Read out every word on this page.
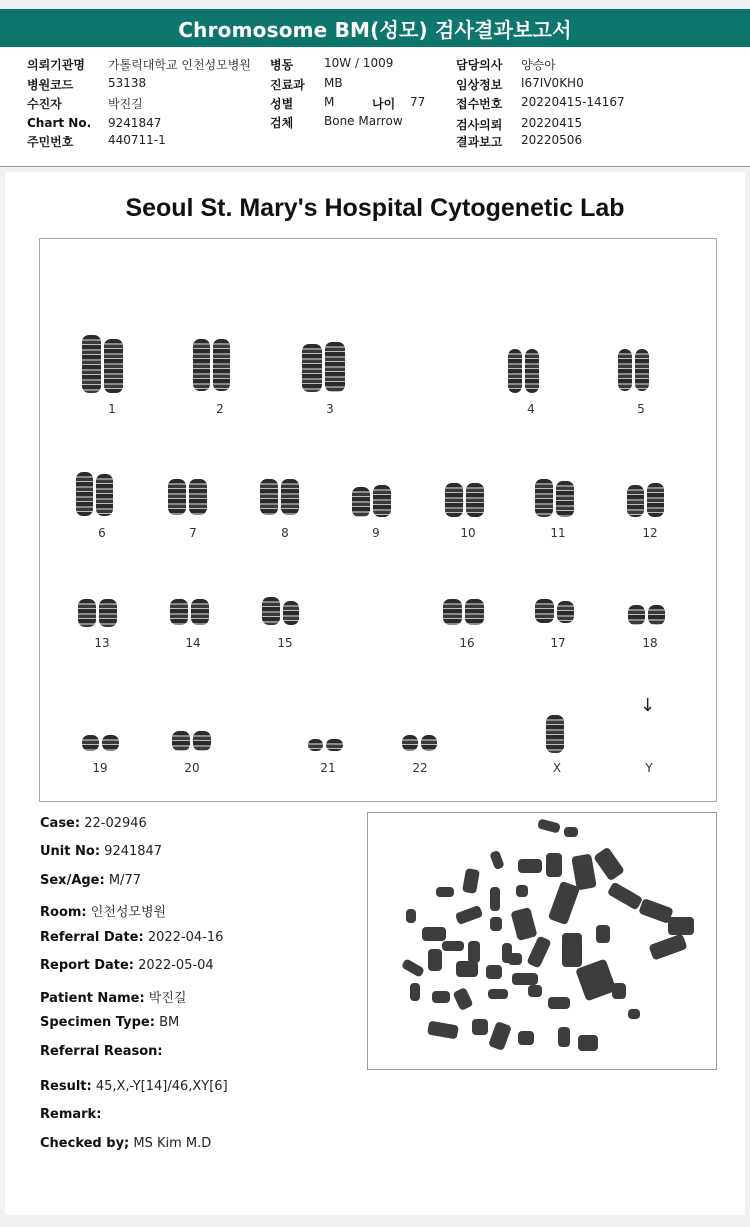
Chromosome BM(성모) 검사결과보고서
의뢰기관명 가톨릭대학교 인천성모병원
병원코드	53138
수진자	박진길
Chart No. 9241847
주민번호	440711-1
병동	10W / 1009
진료과 MB
성별	M	나이 77
검체	Bone Marrow
담당의사 양승아
임상정보 I67IV0KH0
접수번호 20220415-14167
검사의뢰 20220415
결과보고 20220506
Seoul St. Mary's Hospital Cytogenetic Lab
1	2	3	4	5
6	7	8	9	10	11	12
13	14	15	16	17	18
↓
19	20	21	22	X	Y
Case: 22-02946
Unit No: 9241847
Sex/Age: M/77
Room: 인천성모병원
Referral Date: 2022-04-16
Report Date: 2022-05-04
Patient Name: 박진길
Specimen Type: BM
Referral Reason:
Result: 45,X,-Y[14]/46,XY[6]
Remark:
Checked by; MS Kim M.D
